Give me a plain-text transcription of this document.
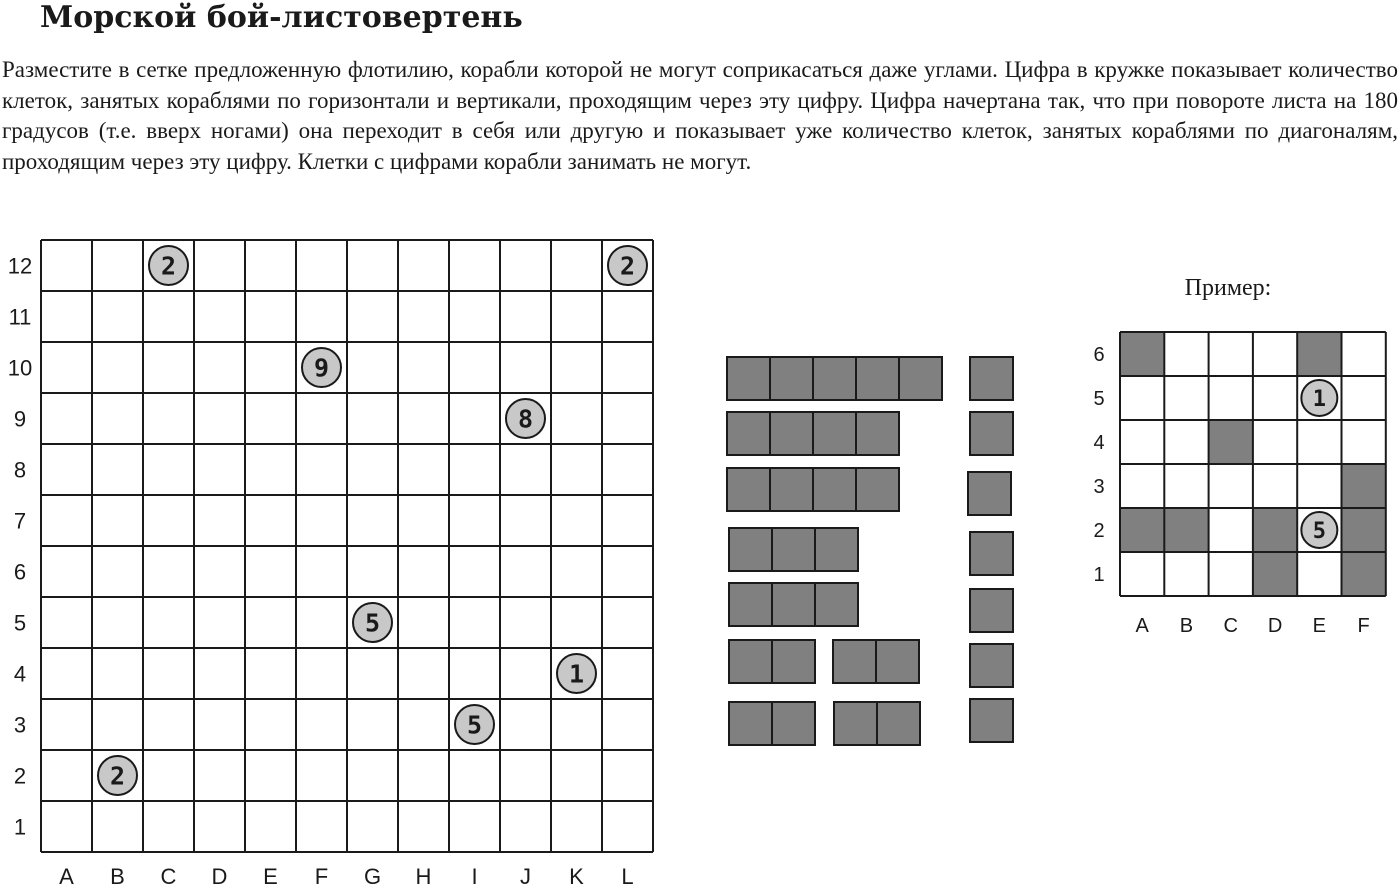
Морской бой-листовертень

Разместите в сетке предложенную флотилию, корабли которой не могут соприкасаться даже углами. Цифра в кружке показывает количество клеток, занятых кораблями по горизонтали и вертикали, проходящим через эту цифру. Цифра начертана так, что при повороте листа на 180 градусов (т.е. вверх ногами) она переходит в себя или другую и показывает уже количество клеток, занятых кораблями по диагоналям, проходящим через эту цифру. Клетки с цифрами корабли занимать не могут.

A B C D E F G H I J K L
12
11
10
9
8
7
6
5
4
3
2
1
2	2
9
8
5
1
5
2
Пример:
A B C D E F
6
5
4
3
2
1
1
5
